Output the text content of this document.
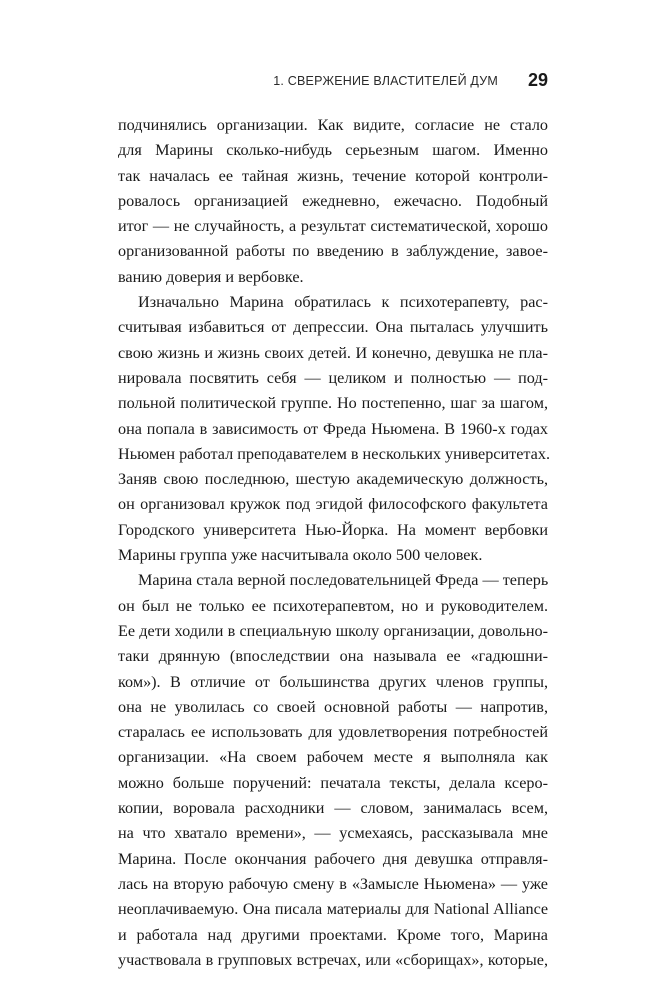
1. СВЕРЖЕНИЕ ВЛАСТИТЕЛЕЙ ДУМ 29
подчинялись организации. Как видите, согласие не стало
для Марины сколько-нибудь серьезным шагом. Именно
так началась ее тайная жизнь, течение которой контроли-
ровалось организацией ежедневно, ежечасно. Подобный
итог — не случайность, а результат систематической, хорошо
организованной работы по введению в заблуждение, завое-
ванию доверия и вербовке.
Изначально Марина обратилась к психотерапевту, рас-
считывая избавиться от депрессии. Она пыталась улучшить
свою жизнь и жизнь своих детей. И конечно, девушка не пла-
нировала посвятить себя — целиком и полностью — под-
польной политической группе. Но постепенно, шаг за шагом,
она попала в зависимость от Фреда Ньюмена. В 1960-х годах
Ньюмен работал преподавателем в нескольких университетах.
Заняв свою последнюю, шестую академическую должность,
он организовал кружок под эгидой философского факультета
Городского университета Нью-Йорка. На момент вербовки
Марины группа уже насчитывала около 500 человек.
Марина стала верной последовательницей Фреда — теперь
он был не только ее психотерапевтом, но и руководителем.
Ее дети ходили в специальную школу организации, довольно-
таки дрянную (впоследствии она называла ее «гадюшни-
ком»). В отличие от большинства других членов группы,
она не уволилась со своей основной работы — напротив,
старалась ее использовать для удовлетворения потребностей
организации. «На своем рабочем месте я выполняла как
можно больше поручений: печатала тексты, делала ксеро-
копии, воровала расходники — словом, занималась всем,
на что хватало времени», — усмехаясь, рассказывала мне
Марина. После окончания рабочего дня девушка отправля-
лась на вторую рабочую смену в «Замысле Ньюмена» — уже
неоплачиваемую. Она писала материалы для National Alliance
и работала над другими проектами. Кроме того, Марина
участвовала в групповых встречах, или «сборищах», которые,
